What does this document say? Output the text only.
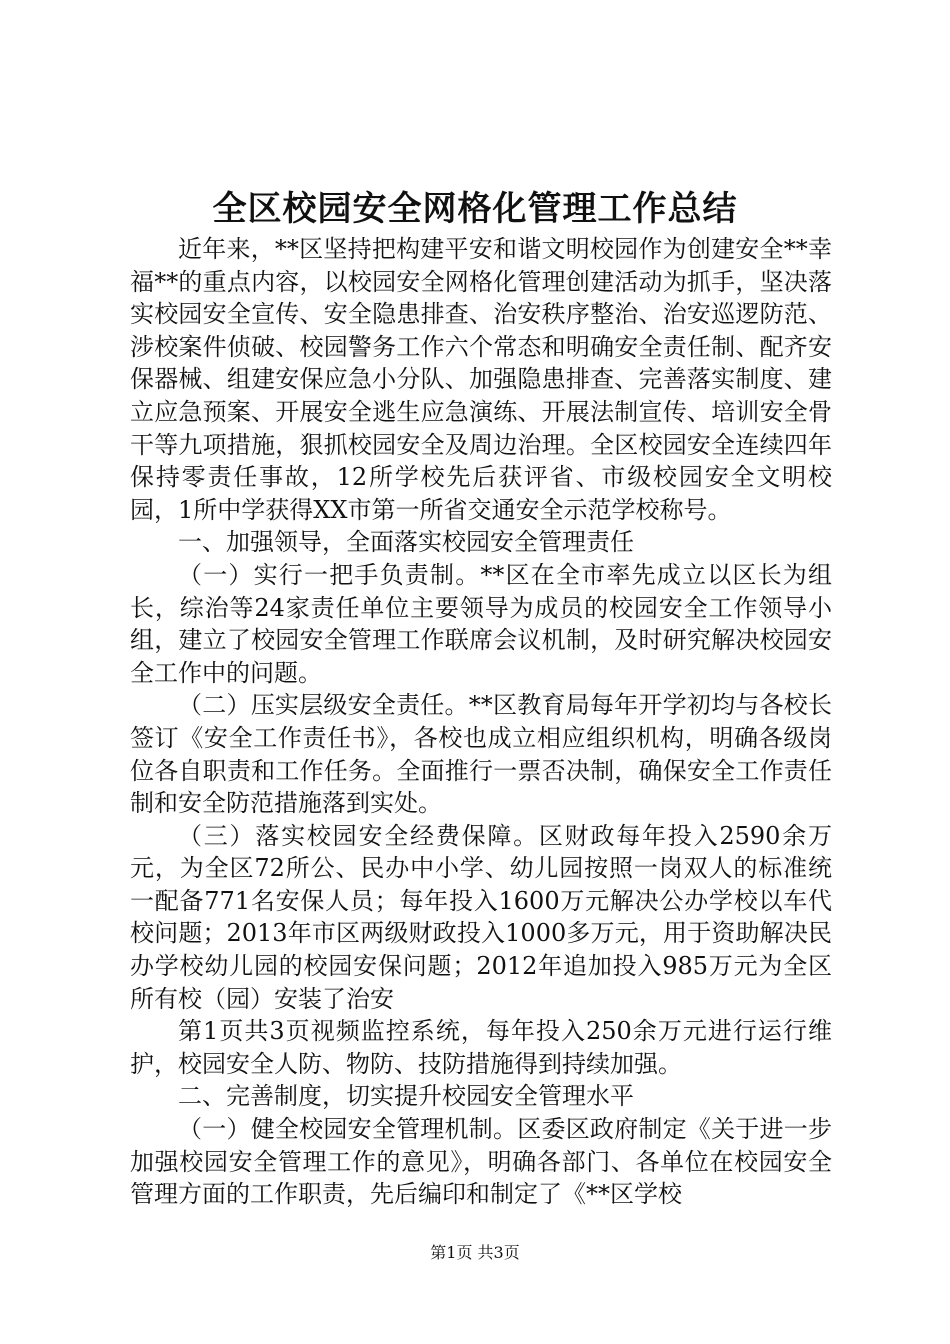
全区校园安全网格化管理工作总结

近年来，**区坚持把构建平安和谐文明校园作为创建安全**幸福**的重点内容，以校园安全网格化管理创建活动为抓手，坚决落实校园安全宣传、安全隐患排查、治安秩序整治、治安巡逻防范、涉校案件侦破、校园警务工作六个常态和明确安全责任制、配齐安保器械、组建安保应急小分队、加强隐患排查、完善落实制度、建立应急预案、开展安全逃生应急演练、开展法制宣传、培训安全骨干等九项措施，狠抓校园安全及周边治理。全区校园安全连续四年保持零责任事故，12所学校先后获评省、市级校园安全文明校园，1所中学获得XX市第一所省交通安全示范学校称号。

一、加强领导，全面落实校园安全管理责任

（一）实行一把手负责制。**区在全市率先成立以区长为组长，综治等24家责任单位主要领导为成员的校园安全工作领导小组，建立了校园安全管理工作联席会议机制，及时研究解决校园安全工作中的问题。

（二）压实层级安全责任。**区教育局每年开学初均与各校长签订《安全工作责任书》，各校也成立相应组织机构，明确各级岗位各自职责和工作任务。全面推行一票否决制，确保安全工作责任制和安全防范措施落到实处。

（三）落实校园安全经费保障。区财政每年投入2590余万元，为全区72所公、民办中小学、幼儿园按照一岗双人的标准统一配备771名安保人员；每年投入1600万元解决公办学校以车代校问题；2013年市区两级财政投入1000多万元，用于资助解决民办学校幼儿园的校园安保问题；2012年追加投入985万元为全区所有校（园）安装了治安

第1页共3页视频监控系统，每年投入250余万元进行运行维护，校园安全人防、物防、技防措施得到持续加强。

二、完善制度，切实提升校园安全管理水平

（一）健全校园安全管理机制。区委区政府制定《关于进一步加强校园安全管理工作的意见》，明确各部门、各单位在校园安全管理方面的工作职责，先后编印和制定了《**区学校

第1页 共3页
